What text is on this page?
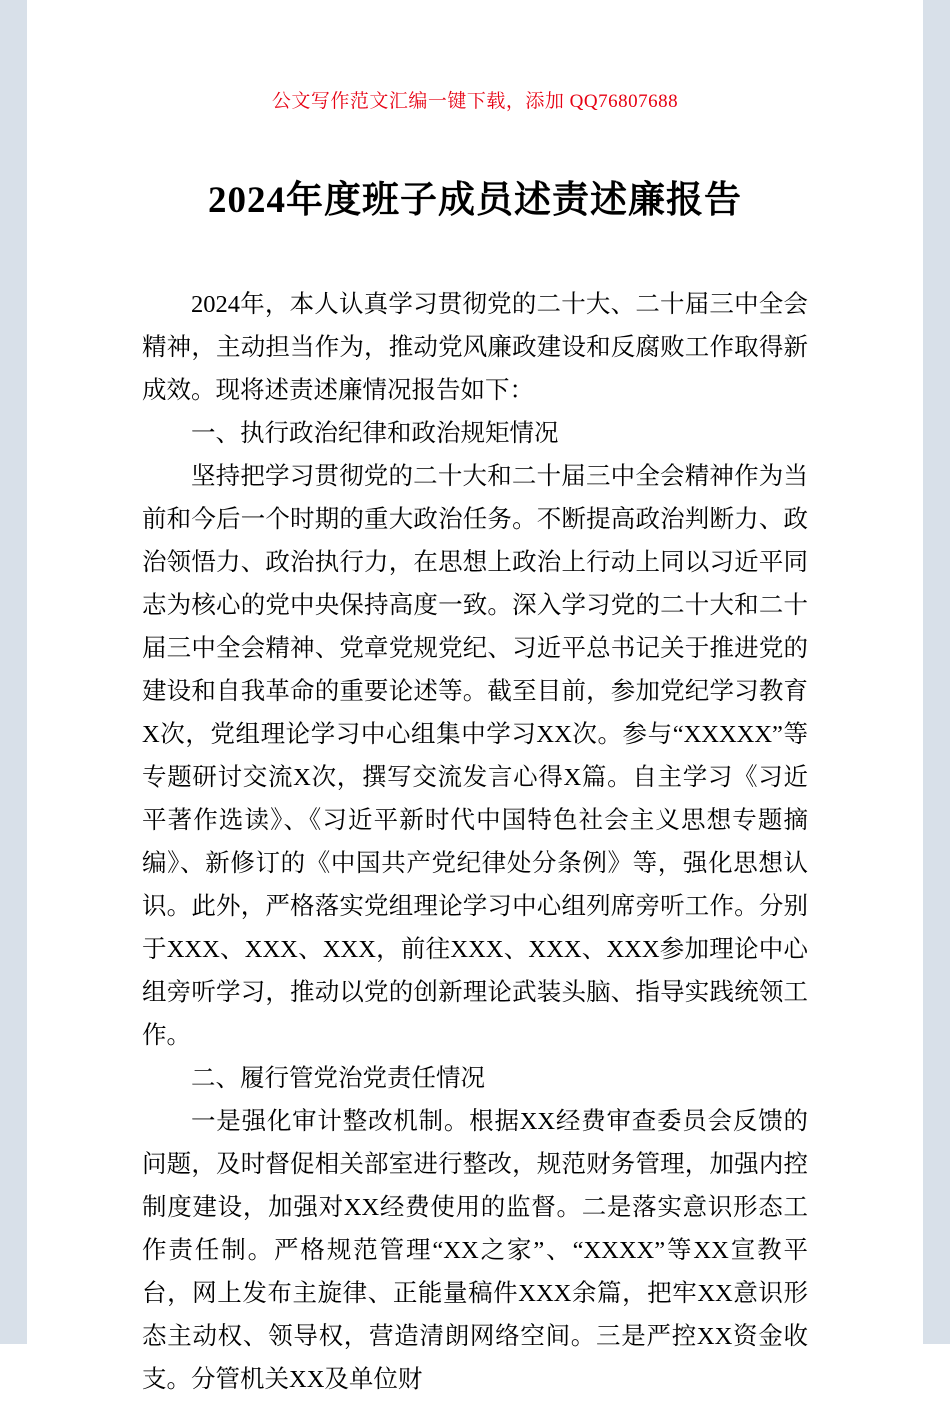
公文写作范文汇编一键下载，添加 QQ76807688
2024年度班子成员述责述廉报告

2024年，本人认真学习贯彻党的二十大、二十届三中全会精神，主动担当作为，推动党风廉政建设和反腐败工作取得新成效。现将述责述廉情况报告如下：

一、执行政治纪律和政治规矩情况

坚持把学习贯彻党的二十大和二十届三中全会精神作为当前和今后一个时期的重大政治任务。不断提高政治判断力、政治领悟力、政治执行力，在思想上政治上行动上同以习近平同志为核心的党中央保持高度一致。深入学习党的二十大和二十届三中全会精神、党章党规党纪、习近平总书记关于推进党的建设和自我革命的重要论述等。截至目前，参加党纪学习教育X次，党组理论学习中心组集中学习XX次。参与“XXXXX”等专题研讨交流X次，撰写交流发言心得X篇。自主学习《习近平著作选读》、《习近平新时代中国特色社会主义思想专题摘编》、新修订的《中国共产党纪律处分条例》等，强化思想认识。此外，严格落实党组理论学习中心组列席旁听工作。分别于XXX、XXX、XXX，前往XXX、XXX、XXX参加理论中心组旁听学习，推动以党的创新理论武装头脑、指导实践统领工作。

二、履行管党治党责任情况

一是强化审计整改机制。根据XX经费审查委员会反馈的问题，及时督促相关部室进行整改，规范财务管理，加强内控制度建设，加强对XX经费使用的监督。二是落实意识形态工作责任制。严格规范管理“XX之家”、“XXXX”等XX宣教平台，网上发布主旋律、正能量稿件XXX余篇，把牢XX意识形态主动权、领导权，营造清朗网络空间。三是严控XX资金收支。分管机关XX及单位财
